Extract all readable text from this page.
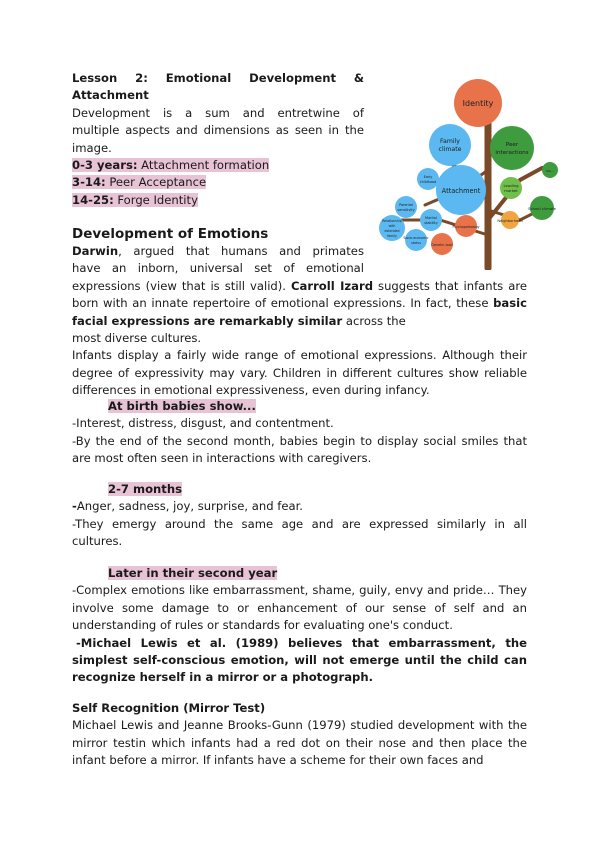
Lesson 2: Emotional Development &
Attachment
Development is a sum and entretwine of
multiple aspects and dimensions as seen in the
image.
0-3 years: Attachment formation
3-14: Peer Acceptance
14-25: Forge Identity
Identity
Family
climate
Peer
interactions
Attachment
Sib...
Leading
market
School climate
Neighborhood
Early
childhood
Parental
sensitivity
Marital
stability
Relationship
with
extended
family
Psychopathology
Socio-economic
status	Genetic load
Development of Emotions
Darwin, argued that humans and primates
have an inborn, universal set of emotional
expressions (view that is still valid). Carroll Izard suggests that infants are born with an innate repertoire of emotional expressions. In fact, these basic facial expressions are remarkably similar across the
most diverse cultures.
Infants display a fairly wide range of emotional expressions. Although their degree of expressivity may vary. Children in different cultures show reliable differences in emotional expressiveness, even during infancy.
At birth babies show...
-Interest, distress, disgust, and contentment.
-By the end of the second month, babies begin to display social smiles that are most often seen in interactions with caregivers.
2-7 months
-Anger, sadness, joy, surprise, and fear.
-They emergy around the same age and are expressed similarly in all cultures.
Later in their second year
-Complex emotions like embarrassment, shame, guily, envy and pride… They involve some damage to or enhancement of our sense of self and an understanding of rules or standards for evaluating one's conduct.
-Michael Lewis et al. (1989) believes that embarrassment, the simplest self-conscious emotion, will not emerge until the child can recognize herself in a mirror or a photograph.
Self Recognition (Mirror Test)
Michael Lewis and Jeanne Brooks-Gunn (1979) studied development with the mirror testin which infants had a red dot on their nose and then place the infant before a mirror. If infants have a scheme for their own faces and
